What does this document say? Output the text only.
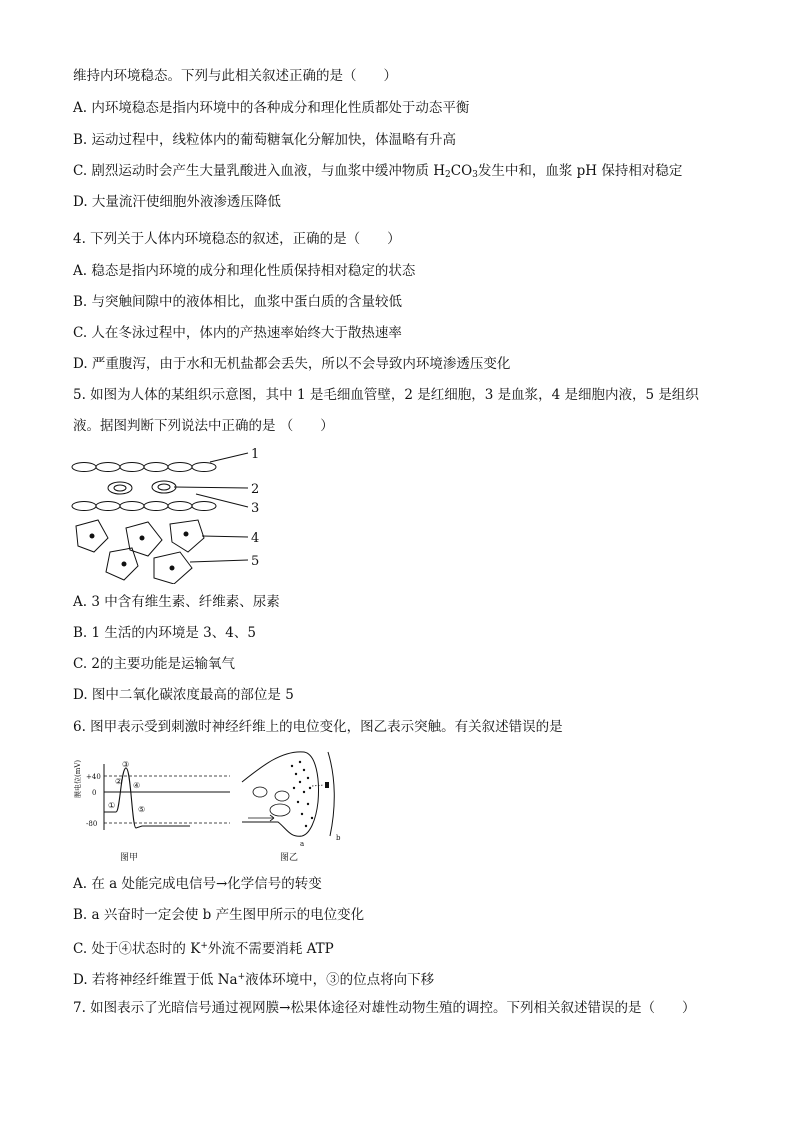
维持内环境稳态。下列与此相关叙述正确的是（　　）
A. 内环境稳态是指内环境中的各种成分和理化性质都处于动态平衡
B. 运动过程中，线粒体内的葡萄糖氧化分解加快，体温略有升高
C. 剧烈运动时会产生大量乳酸进入血液，与血浆中缓冲物质 $H_2CO_3$发生中和，血浆 pH 保持相对稳定
D. 大量流汗使细胞外液渗透压降低
4. 下列关于人体内环境稳态的叙述，正确的是（　　）
A. 稳态是指内环境的成分和理化性质保持相对稳定的状态
B. 与突触间隙中的液体相比，血浆中蛋白质的含量较低
C. 人在冬泳过程中，体内的产热速率始终大于散热速率
D. 严重腹泻，由于水和无机盐都会丢失，所以不会导致内环境渗透压变化
5. 如图为人体的某组织示意图，其中 1 是毛细血管壁，2 是红细胞，3 是血浆，4 是细胞内液，5 是组织
液。据图判断下列说法中正确的是 （　　）
1
2
3
4
5
A. 3 中含有维生素、纤维素、尿素
B. 1 生活的内环境是 3、4、5
C. 2的主要功能是运输氧气
D. 图中二氧化碳浓度最高的部位是 5
6. 图甲表示受到刺激时神经纤维上的电位变化，图乙表示突触。有关叙述错误的是
膜电位(mV) +40
0
-80
③
② ④
①	⑤
图甲
a
b
图乙
A. 在 a 处能完成电信号→化学信号的转变
B. a 兴奋时一定会使 b 产生图甲所示的电位变化
C. 处于④状态时的 K+外流不需要消耗 ATP
D. 若将神经纤维置于低 Na+液体环境中，③的位点将向下移
7. 如图表示了光暗信号通过视网膜→松果体途径对雄性动物生殖的调控。下列相关叙述错误的是（　　）
